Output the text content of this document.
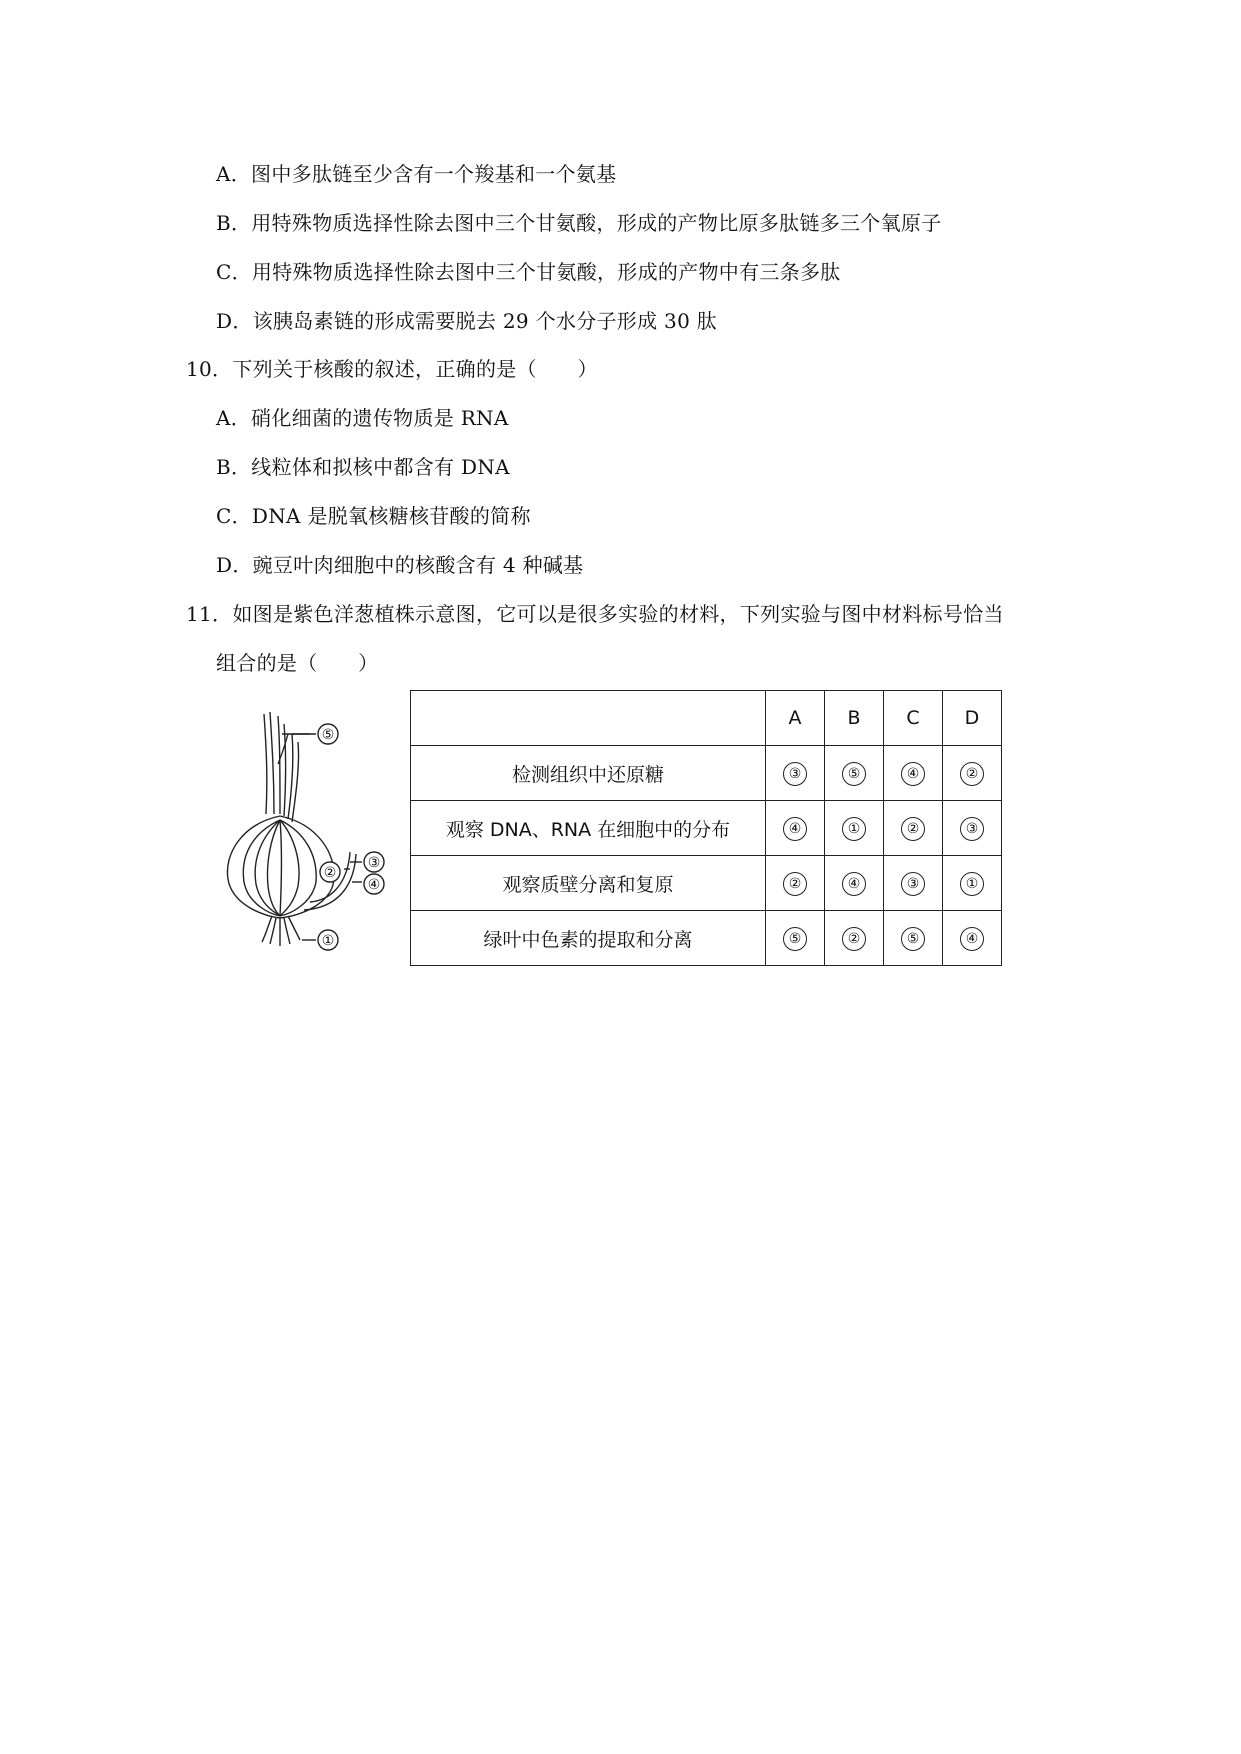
A．图中多肽链至少含有一个羧基和一个氨基
B．用特殊物质选择性除去图中三个甘氨酸，形成的产物比原多肽链多三个氧原子
C．用特殊物质选择性除去图中三个甘氨酸，形成的产物中有三条多肽
D．该胰岛素链的形成需要脱去 29 个水分子形成 30 肽
10．下列关于核酸的叙述，正确的是（　　）
A．硝化细菌的遗传物质是 RNA
B．线粒体和拟核中都含有 DNA
C．DNA 是脱氧核糖核苷酸的简称
D．豌豆叶肉细胞中的核酸含有 4 种碱基
11．如图是紫色洋葱植株示意图，它可以是很多实验的材料，下列实验与图中材料标号恰当
组合的是（　　）
⑤
②
③
④
①
	A	B	C	D
检测组织中还原糖	③	⑤	④	②
观察 DNA、RNA 在细胞中的分布	④	①	②	③
观察质壁分离和复原	②	④	③	①
绿叶中色素的提取和分离	⑤	②	⑤	④
